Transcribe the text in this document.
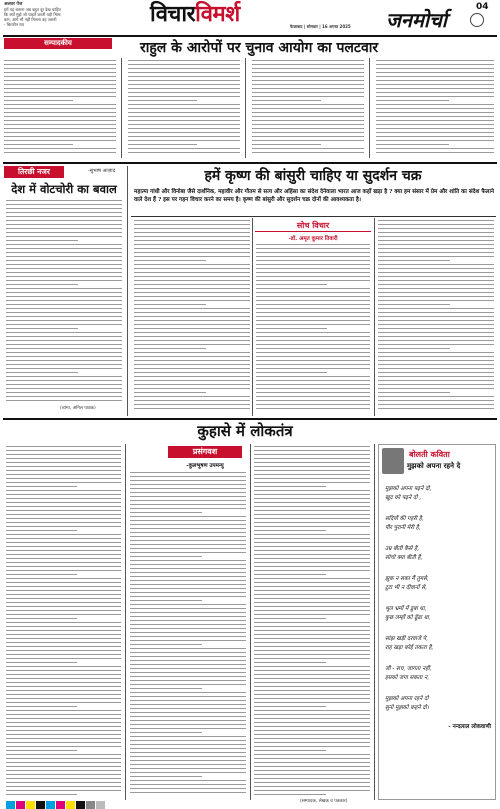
अलवर पेज
हमें यह बताना अब बहुत दूर देख चाहिए
कि क्यों मुझे जो चाहते करती यही मिला
कम, आगे भी नहीं मिलता वह जरूरी
- बिरजीत राय	विचारविमर्श	जनमोर्चा
फैजाबाद | सोमवार | 16 अगस्त 2025
04
सम्पादकीय	राहुल के आरोपों पर चुनाव आयोग का पलटवार
तिरछी नजर	-सुभाष आज़ाद
देश में वोटचोरी का बवाल
(व्यंग्य, अनिल पाठक)
हमें कृष्ण की बांसुरी चाहिए या सुदर्शन चक्र
महात्मा गांधी और विनोबा जैसे दार्शनिक, महावीर और गौतम से सत्य और अहिंसा का संदेश देनेवाला भारत आज कहाँ खड़ा है ? क्या हम संसार में प्रेम और शांति का संदेश फैलाने वाले देश हैं ? इस पर गहन विचार करने का समय है। कृष्ण की बांसुरी और सुदर्शन चक्र दोनों की आवश्यकता है।
सोच विचार
-डॉ. अमृत कुमार तिवारी
कुहासे में लोकतंत्र
प्रसंगवश
-कुलभूषण उपमन्यु
(सम्पादक, लेखक व पत्रकार)
बोलती कविता
मुझको अपना रहने दे
मुझको अपना पढ़ने दो,
खुद को पढ़ने दो ,
सदियों की गहरी है,
पीर पुरानी मेरी है,
उम्र बीती कैसे है,
सोचो क्या बीती है,
झुक न सका मैं तुमसे,
टूटा भी न दीवानों से,
भूल भ्रमों में डूबा था,
कुछ लम्हों को ढूँढा था,
सांझ खड़ी दरवाजे पे,
राह खड़ा कोई तकता है,
जी - सच, जागता नहीं,
इसको जगा सकता न,
मुझको अपना रहने दो
सुनो मुझको कहने दो।
- नन्दलाल लोकवाणी
